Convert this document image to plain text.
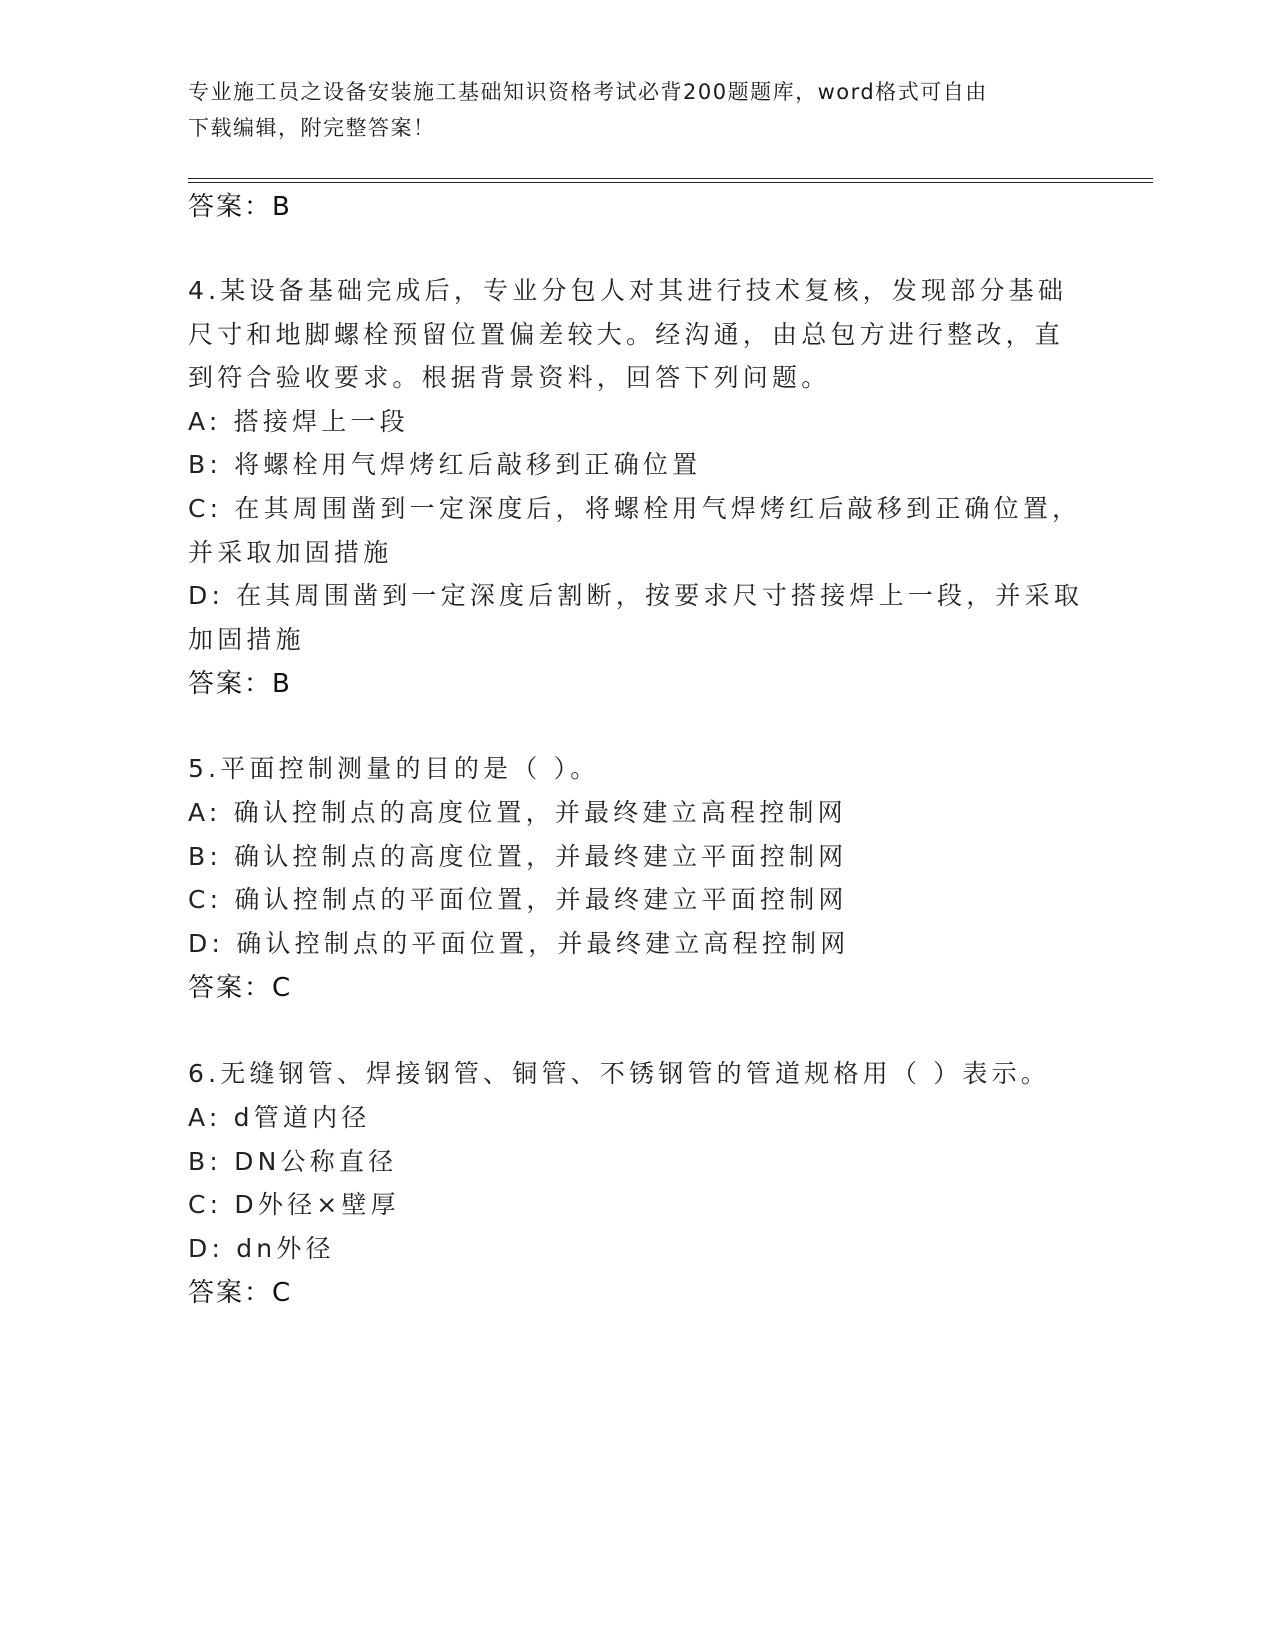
专业施工员之设备安装施工基础知识资格考试必背200题题库，word格式可自由
下载编辑，附完整答案！
答案：B
4.某设备基础完成后，专业分包人对其进行技术复核，发现部分基础
尺寸和地脚螺栓预留位置偏差较大。经沟通，由总包方进行整改，直
到符合验收要求。根据背景资料，回答下列问题。
A: 搭接焊上一段
B: 将螺栓用气焊烤红后敲移到正确位置
C: 在其周围凿到一定深度后，将螺栓用气焊烤红后敲移到正确位置，
并采取加固措施
D: 在其周围凿到一定深度后割断，按要求尺寸搭接焊上一段，并采取
加固措施
答案：B
5.平面控制测量的目的是（ ）。
A: 确认控制点的高度位置，并最终建立高程控制网
B: 确认控制点的高度位置，并最终建立平面控制网
C: 确认控制点的平面位置，并最终建立平面控制网
D: 确认控制点的平面位置，并最终建立高程控制网
答案：C
6.无缝钢管、焊接钢管、铜管、不锈钢管的管道规格用（ ）表示。
A: d管道内径
B: DN公称直径
C: D外径×壁厚
D: dn外径
答案：C
